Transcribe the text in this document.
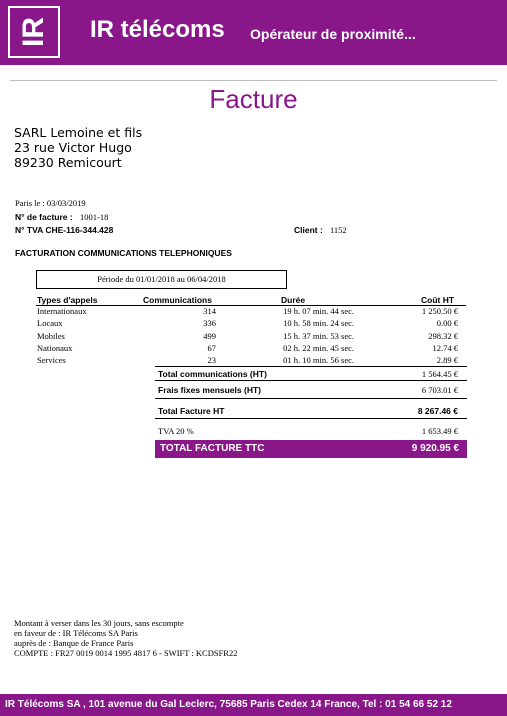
IR	IR télécoms Opérateur de proximité...
Facture
SARL Lemoine et fils
23 rue Victor Hugo
89230 Remicourt
Paris le : 03/03/2019
N° de facture : 1001-18
N° TVA CHE-116-344.428	Client : 1152
FACTURATION COMMUNICATIONS TELEPHONIQUES
Période du 01/01/2018 au 06/04/2018
Types d'appels	Communications	Durée	Coût HT
Internationaux	314	19 h. 07 min. 44 sec.	1 250.50 €
Locaux	336	10 h. 58 min. 24 sec.	0.00 €
Mobiles	499	15 h. 37 min. 53 sec.	298.32 €
Nationaux	67	02 h. 22 min. 45 sec.	12.74 €
Services	23	01 h. 10 min. 56 sec.	2.89 €
Total communications (HT)	1 564.45 €
Frais fixes mensuels (HT)	6 703.01 €
Total Facture HT	8 267.46 €
TVA 20 %	1 653.49 €
TOTAL FACTURE TTC	9 920.95 €
Montant à verser dans les 30 jours, sans escompte
en faveur de : IR Télécoms SA Paris
auprès de : Banque de France Paris
COMPTE : FR27 0019 0014 1995 4817 6 - SWIFT : KCDSFR22
IR Télécoms SA , 101 avenue du Gal Leclerc, 75685 Paris Cedex 14 France, Tel : 01 54 66 52 12
